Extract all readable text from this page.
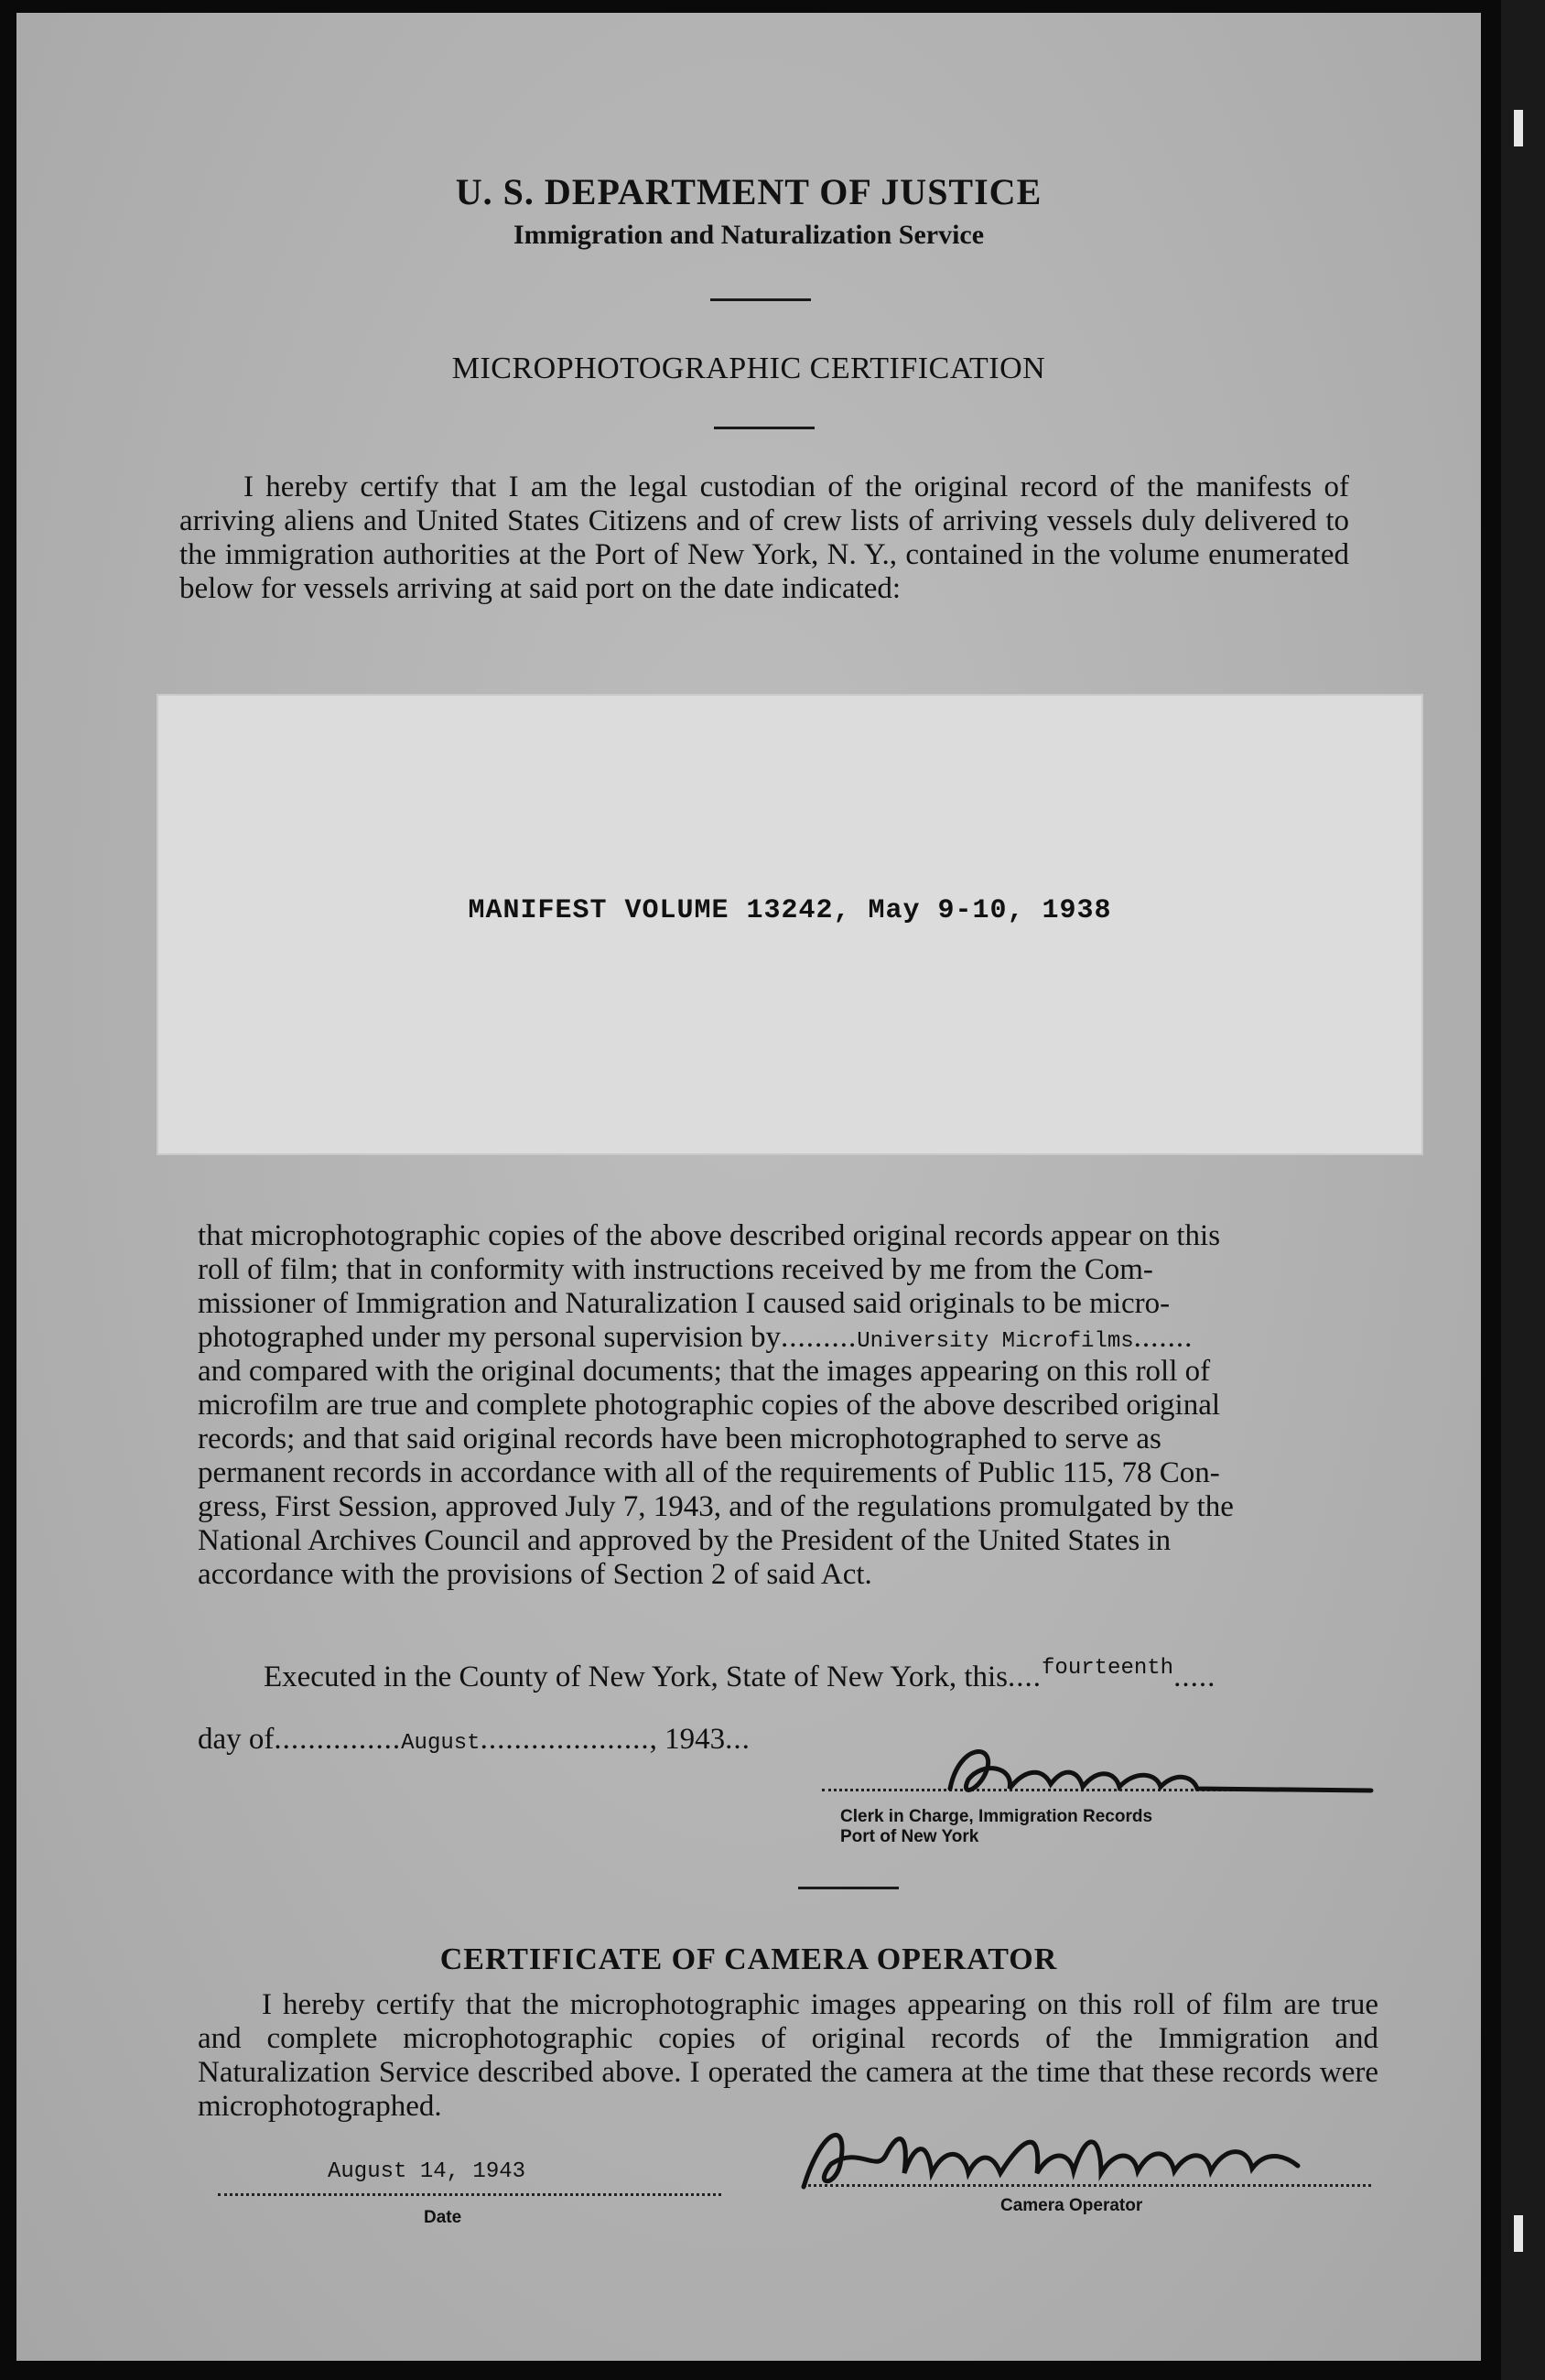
U. S. DEPARTMENT OF JUSTICE
Immigration and Naturalization Service
MICROPHOTOGRAPHIC CERTIFICATION
I hereby certify that I am the legal custodian of the original record of the manifests of arriving aliens and United States Citizens and of crew lists of arriving vessels duly delivered to the immigration authorities at the Port of New York, N. Y., contained in the volume enumerated below for vessels arriving at said port on the date indicated:
MANIFEST VOLUME 13242, May 9-10, 1938
that microphotographic copies of the above described original records appear on this
roll of film; that in conformity with instructions received by me from the Com-
missioner of Immigration and Naturalization I caused said originals to be micro-
photographed under my personal supervision by.........University Microfilms.......
and compared with the original documents; that the images appearing on this roll of
microfilm are true and complete photographic copies of the above described original
records; and that said original records have been microphotographed to serve as
permanent records in accordance with all of the requirements of Public 115, 78 Con-
gress, First Session, approved July 7, 1943, and of the regulations promulgated by the
National Archives Council and approved by the President of the United States in
accordance with the provisions of Section 2 of said Act.
Executed in the County of New York, State of New York, this....$^{fourteenth}$.....
day of...............August...................., 1943...
Clerk in Charge, Immigration Records
Port of New York
CERTIFICATE OF CAMERA OPERATOR
I hereby certify that the microphotographic images appearing on this roll of film are true and complete microphotographic copies of original records of the Immigration and Naturalization Service described above. I operated the camera at the time that these records were microphotographed.
August 14, 1943
Date
Camera Operator
